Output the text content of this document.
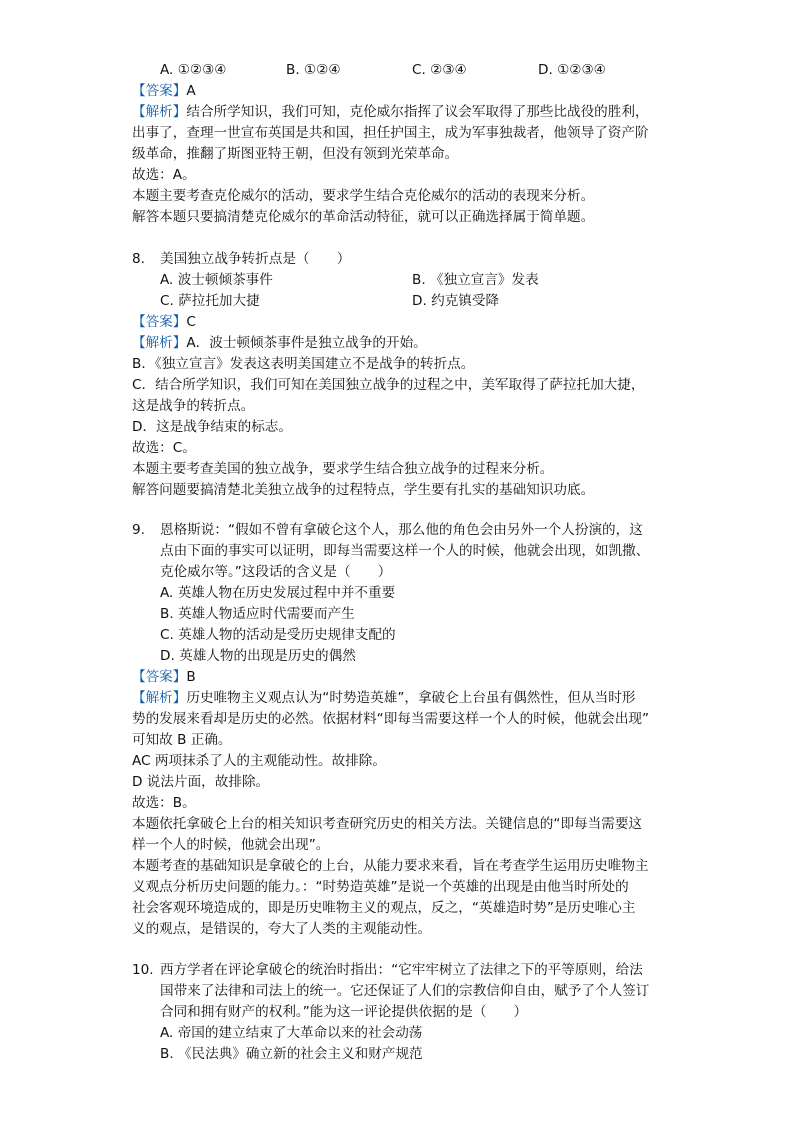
A. ①②③④	B. ①②④	C. ②③④	D. ①②③④
【答案】A
【解析】结合所学知识，我们可知，克伦威尔指挥了议会军取得了那些比战役的胜利，
出事了，查理一世宣布英国是共和国，担任护国主，成为军事独裁者，他领导了资产阶
级革命，推翻了斯图亚特王朝，但没有领到光荣革命。
故选：A。
本题主要考查克伦威尔的活动，要求学生结合克伦威尔的活动的表现来分析。
解答本题只要搞清楚克伦威尔的革命活动特征，就可以正确选择属于简单题。
8. 美国独立战争转折点是（　　）
A. 波士顿倾茶事件	B. 《独立宣言》发表
C. 萨拉托加大捷	D. 约克镇受降
【答案】C
【解析】A．波士顿倾茶事件是独立战争的开始。
B．《独立宣言》发表这表明美国建立不是战争的转折点。
C．结合所学知识，我们可知在美国独立战争的过程之中，美军取得了萨拉托加大捷，
这是战争的转折点。
D．这是战争结束的标志。
故选：C。
本题主要考查美国的独立战争，要求学生结合独立战争的过程来分析。
解答问题要搞清楚北美独立战争的过程特点，学生要有扎实的基础知识功底。
9. 恩格斯说：“假如不曾有拿破仑这个人，那么他的角色会由另外一个人扮演的，这
点由下面的事实可以证明，即每当需要这样一个人的时候，他就会出现，如凯撒、
克伦威尔等。”这段话的含义是（　　）
A. 英雄人物在历史发展过程中并不重要
B. 英雄人物适应时代需要而产生
C. 英雄人物的活动是受历史规律支配的
D. 英雄人物的出现是历史的偶然
【答案】B
【解析】历史唯物主义观点认为“时势造英雄”，拿破仑上台虽有偶然性，但从当时形
势的发展来看却是历史的必然。依据材料“即每当需要这样一个人的时候，他就会出现”
可知故 B 正确。
AC 两项抹杀了人的主观能动性。故排除。
D 说法片面，故排除。
故选：B。
本题依托拿破仑上台的相关知识考查研究历史的相关方法。关键信息的“即每当需要这
样一个人的时候，他就会出现”。
本题考查的基础知识是拿破仑的上台，从能力要求来看，旨在考查学生运用历史唯物主
义观点分析历史问题的能力。：“时势造英雄”是说一个英雄的出现是由他当时所处的
社会客观环境造成的，即是历史唯物主义的观点，反之，“英雄造时势”是历史唯心主
义的观点，是错误的，夸大了人类的主观能动性。
10. 西方学者在评论拿破仑的统治时指出：“它牢牢树立了法律之下的平等原则，给法
国带来了法律和司法上的统一。它还保证了人们的宗教信仰自由，赋予了个人签订
合同和拥有财产的权利。”能为这一评论提供依据的是（　　）
A. 帝国的建立结束了大革命以来的社会动荡
B. 《民法典》确立新的社会主义和财产规范
